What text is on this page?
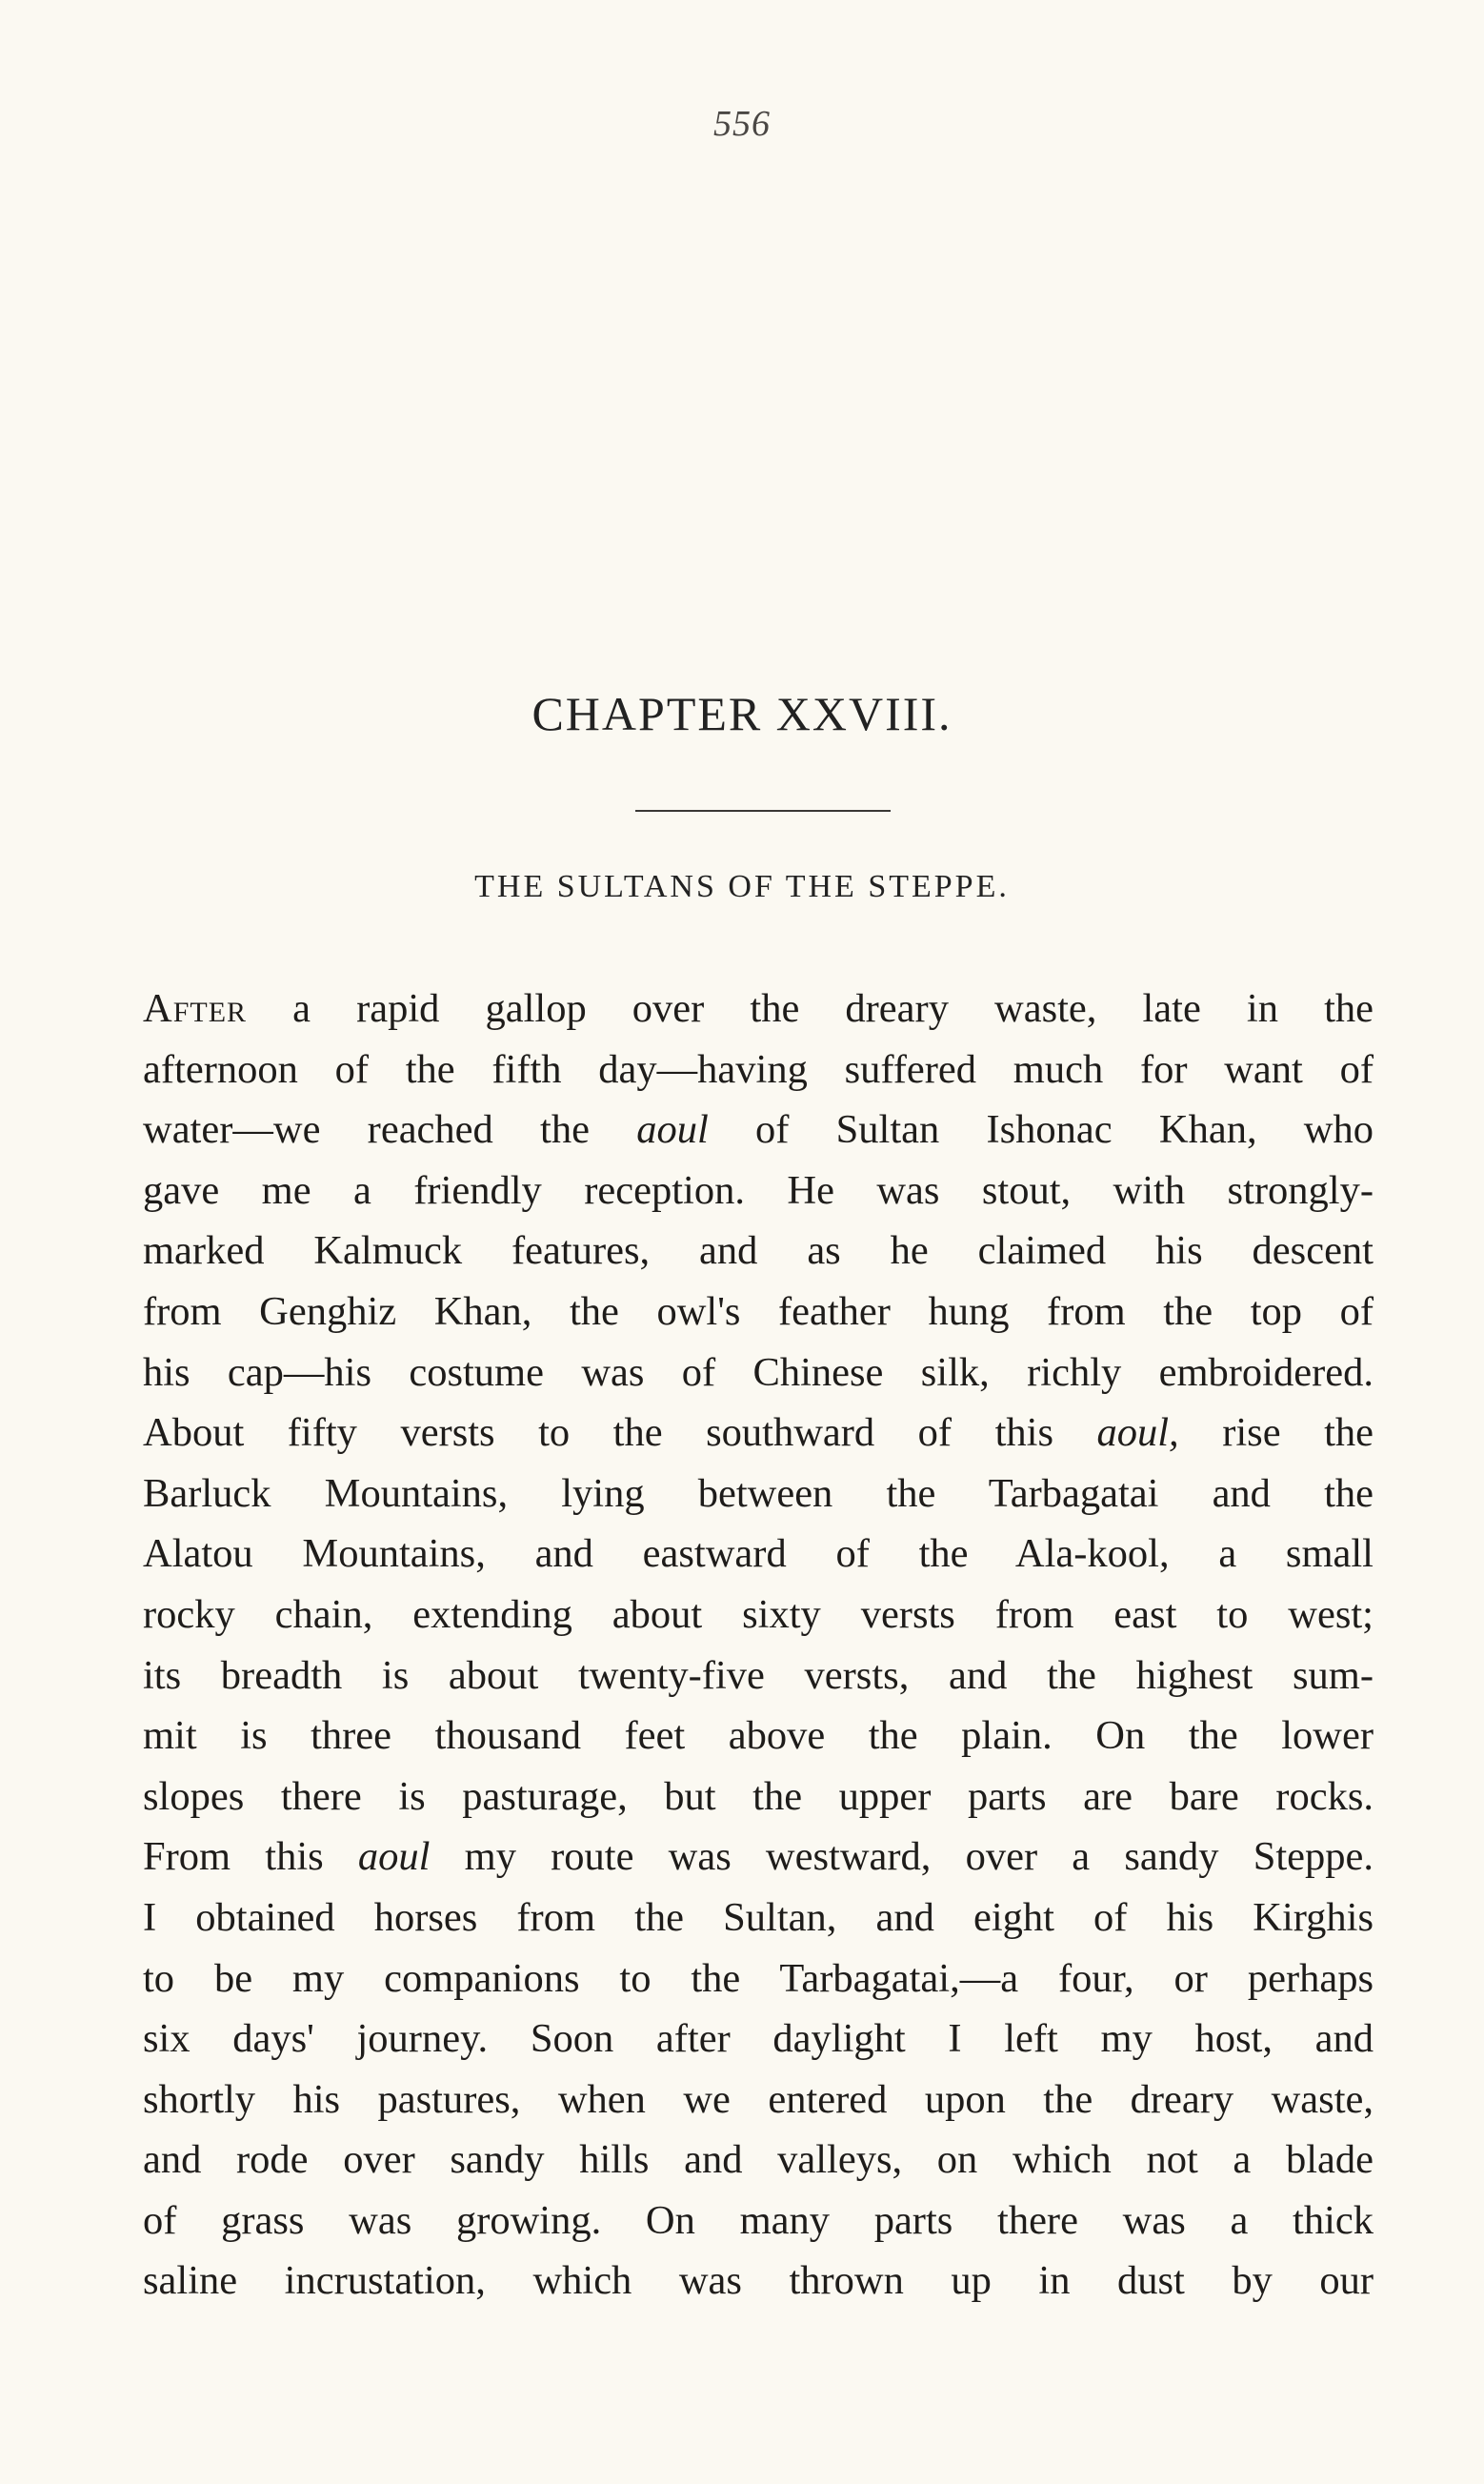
556
CHAPTER XXVIII.
THE SULTANS OF THE STEPPE.
After a rapid gallop over the dreary waste, late in the
afternoon of the fifth day—having suffered much for want of
water—we reached the aoul of Sultan Ishonac Khan, who
gave me a friendly reception. He was stout, with strongly-
marked Kalmuck features, and as he claimed his descent
from Genghiz Khan, the owl's feather hung from the top of
his cap—his costume was of Chinese silk, richly embroidered.
About fifty versts to the southward of this aoul, rise the
Barluck Mountains, lying between the Tarbagatai and the
Alatou Mountains, and eastward of the Ala-kool, a small
rocky chain, extending about sixty versts from east to west;
its breadth is about twenty-five versts, and the highest sum-
mit is three thousand feet above the plain. On the lower
slopes there is pasturage, but the upper parts are bare rocks.
From this aoul my route was westward, over a sandy Steppe.
I obtained horses from the Sultan, and eight of his Kirghis
to be my companions to the Tarbagatai,—a four, or perhaps
six days' journey. Soon after daylight I left my host, and
shortly his pastures, when we entered upon the dreary waste,
and rode over sandy hills and valleys, on which not a blade
of grass was growing. On many parts there was a thick
saline incrustation, which was thrown up in dust by our
